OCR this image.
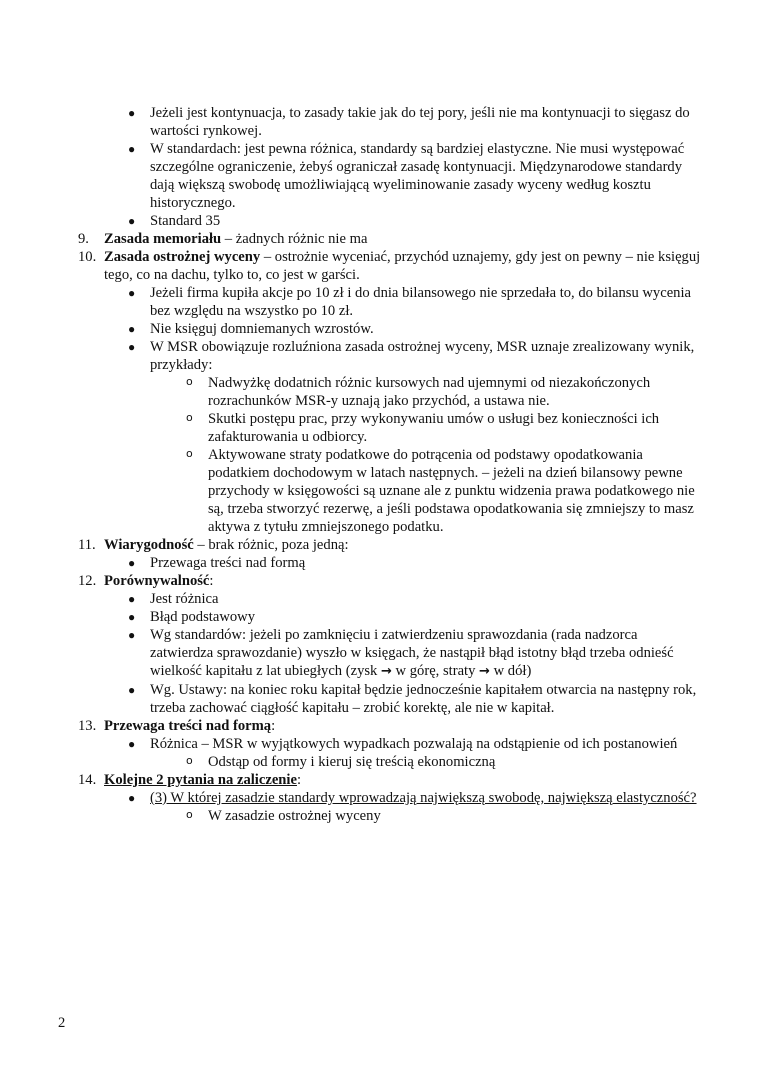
● Jeżeli jest kontynuacja, to zasady takie jak do tej pory, jeśli nie ma kontynuacji to sięgasz do wartości rynkowej.
● W standardach: jest pewna różnica, standardy są bardziej elastyczne. Nie musi występować szczególne ograniczenie, żebyś ograniczał zasadę kontynuacji. Międzynarodowe standardy dają większą swobodę umożliwiającą wyeliminowanie zasady wyceny według kosztu historycznego.
● Standard 35
9. Zasada memoriału – żadnych różnic nie ma
10. Zasada ostrożnej wyceny – ostrożnie wyceniać, przychód uznajemy, gdy jest on pewny – nie księguj tego, co na dachu, tylko to, co jest w garści.
● Jeżeli firma kupiła akcje po 10 zł i do dnia bilansowego nie sprzedała to, do bilansu wycenia bez względu na wszystko po 10 zł.
● Nie księguj domniemanych wzrostów.
● W MSR obowiązuje rozluźniona zasada ostrożnej wyceny, MSR uznaje zrealizowany wynik, przykłady:
o Nadwyżkę dodatnich różnic kursowych nad ujemnymi od niezakończonych rozrachunków MSR-y uznają jako przychód, a ustawa nie.
o Skutki postępu prac, przy wykonywaniu umów o usługi bez konieczności ich zafakturowania u odbiorcy.
o Aktywowane straty podatkowe do potrącenia od podstawy opodatkowania podatkiem dochodowym w latach następnych. – jeżeli na dzień bilansowy pewne przychody w księgowości są uznane ale z punktu widzenia prawa podatkowego nie są, trzeba stworzyć rezerwę, a jeśli podstawa opodatkowania się zmniejszy to masz aktywa z tytułu zmniejszonego podatku.
11. Wiarygodność – brak różnic, poza jedną:
● Przewaga treści nad formą
12. Porównywalność:
● Jest różnica
● Błąd podstawowy
● Wg standardów: jeżeli po zamknięciu i zatwierdzeniu sprawozdania (rada nadzorca zatwierdza sprawozdanie) wyszło w księgach, że nastąpił błąd istotny błąd trzeba odnieść wielkość kapitału z lat ubiegłych (zysk → w górę, straty → w dół)
● Wg. Ustawy: na koniec roku kapitał będzie jednocześnie kapitałem otwarcia na następny rok, trzeba zachować ciągłość kapitału – zrobić korektę, ale nie w kapitał.
13. Przewaga treści nad formą:
● Różnica – MSR w wyjątkowych wypadkach pozwalają na odstąpienie od ich postanowień
o Odstąp od formy i kieruj się treścią ekonomiczną
14. Kolejne 2 pytania na zaliczenie:
● (3) W której zasadzie standardy wprowadzają największą swobodę, największą elastyczność?
o W zasadzie ostrożnej wyceny
2
